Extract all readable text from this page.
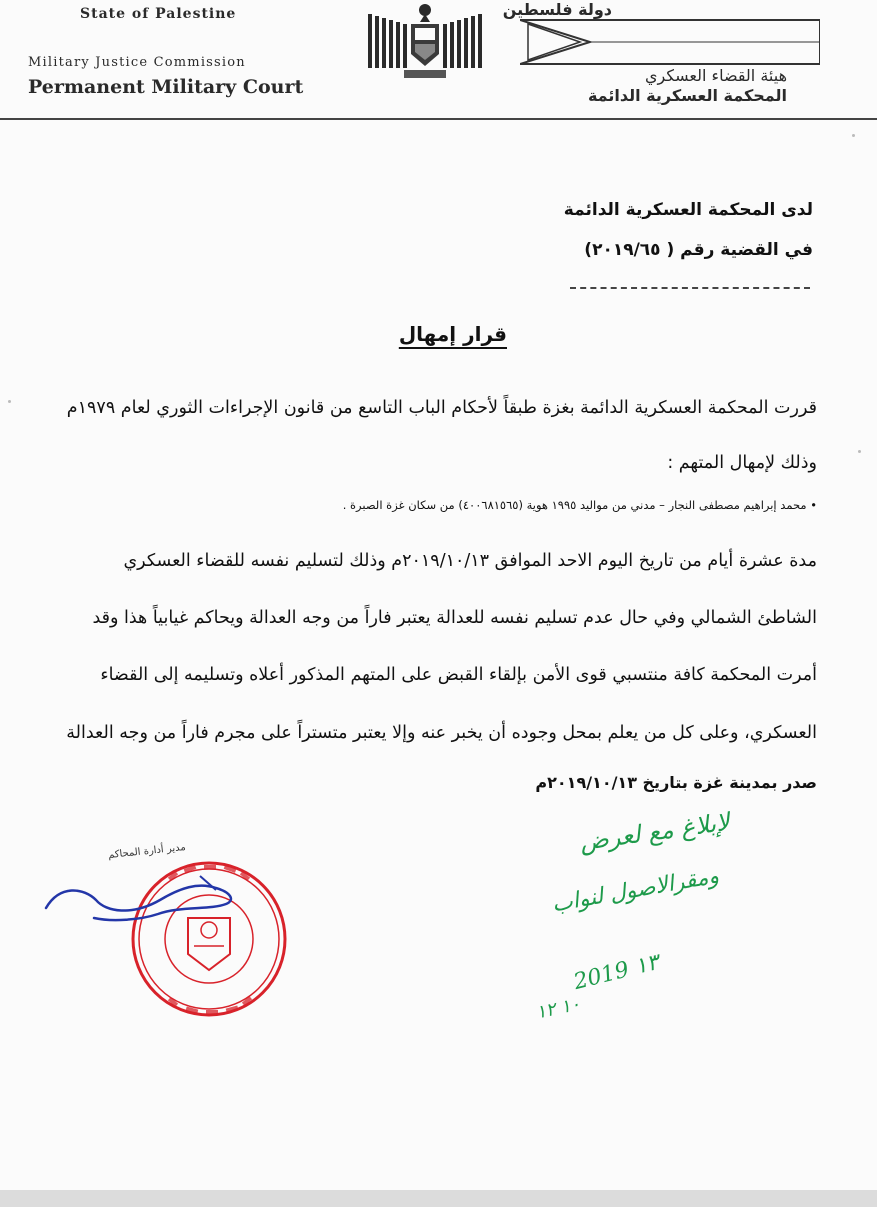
State of Palestine
Military Justice Commission
Permanent Military Court
دولة فلسطين
هيئة القضاء العسكري
المحكمة العسكرية الدائمة
لدى المحكمة العسكرية الدائمة
في القضية رقم ( ٢٠١٩/٦٥)
قرار إمهال
قررت المحكمة العسكرية الدائمة بغزة طبقاً لأحكام الباب التاسع من قانون الإجراءات الثوري لعام ١٩٧٩م
وذلك لإمهال المتهم :
• محمد إبراهيم مصطفى النجار – مدني من مواليد ١٩٩٥ هوية (٤٠٠٦٨١٥٦٥) من سكان غزة الصبرة .
مدة عشرة أيام من تاريخ اليوم الاحد الموافق ٢٠١٩/١٠/١٣م وذلك لتسليم نفسه للقضاء العسكري
الشاطئ الشمالي وفي حال عدم تسليم نفسه للعدالة يعتبر فاراً من وجه العدالة ويحاكم غيابياً هذا وقد
أمرت المحكمة كافة منتسبي قوى الأمن بإلقاء القبض على المتهم المذكور أعلاه وتسليمه إلى القضاء
العسكري، وعلى كل من يعلم بمحل وجوده أن يخبر عنه وإلا يعتبر متستراً على مجرم فاراً من وجه العدالة
صدر بمدينة غزة بتاريخ ٢٠١٩/١٠/١٣م
مدير أدارة المحاكم	لإبلاغ مع لعرض
ومقرالاصول لنواب
2019 ١٣
١٠ ١٢
